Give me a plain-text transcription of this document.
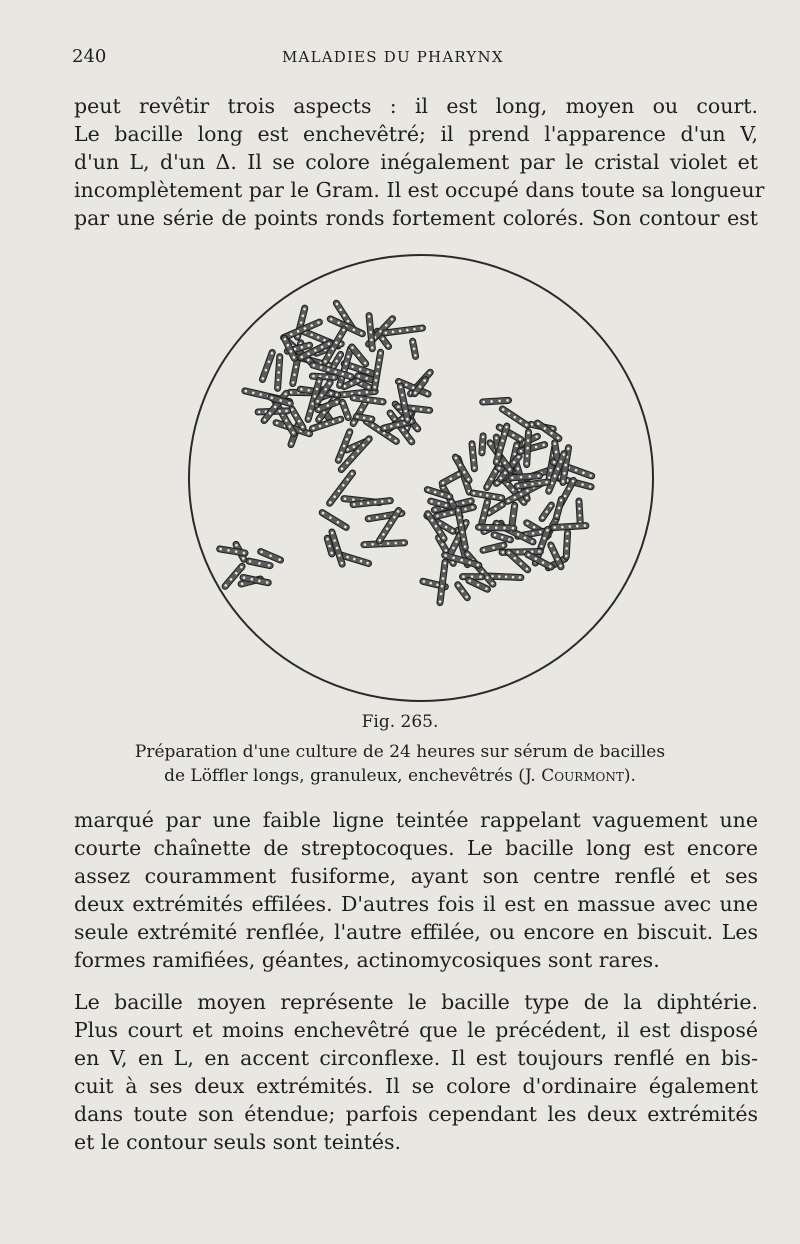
240	MALADIES DU PHARYNX
peut revêtir trois aspects : il est long, moyen ou court.
Le bacille long est enchevêtré; il prend l'apparence d'un V,
d'un L, d'un Δ. Il se colore inégalement par le cristal violet et
incomplètement par le Gram. Il est occupé dans toute sa longueur
par une série de points ronds fortement colorés. Son contour est
Fig. 265.
Préparation d'une culture de 24 heures sur sérum de bacilles
de Löffler longs, granuleux, enchevêtrés (J. Courmont).
marqué par une faible ligne teintée rappelant vaguement une
courte chaînette de streptocoques. Le bacille long est encore
assez couramment fusiforme, ayant son centre renflé et ses
deux extrémités effilées. D'autres fois il est en massue avec une
seule extrémité renflée, l'autre effilée, ou encore en biscuit. Les
formes ramifiées, géantes, actinomycosiques sont rares.
Le bacille moyen représente le bacille type de la diphtérie.
Plus court et moins enchevêtré que le précédent, il est disposé
en V, en L, en accent circonflexe. Il est toujours renflé en bis-
cuit à ses deux extrémités. Il se colore d'ordinaire également
dans toute son étendue; parfois cependant les deux extrémités
et le contour seuls sont teintés.
